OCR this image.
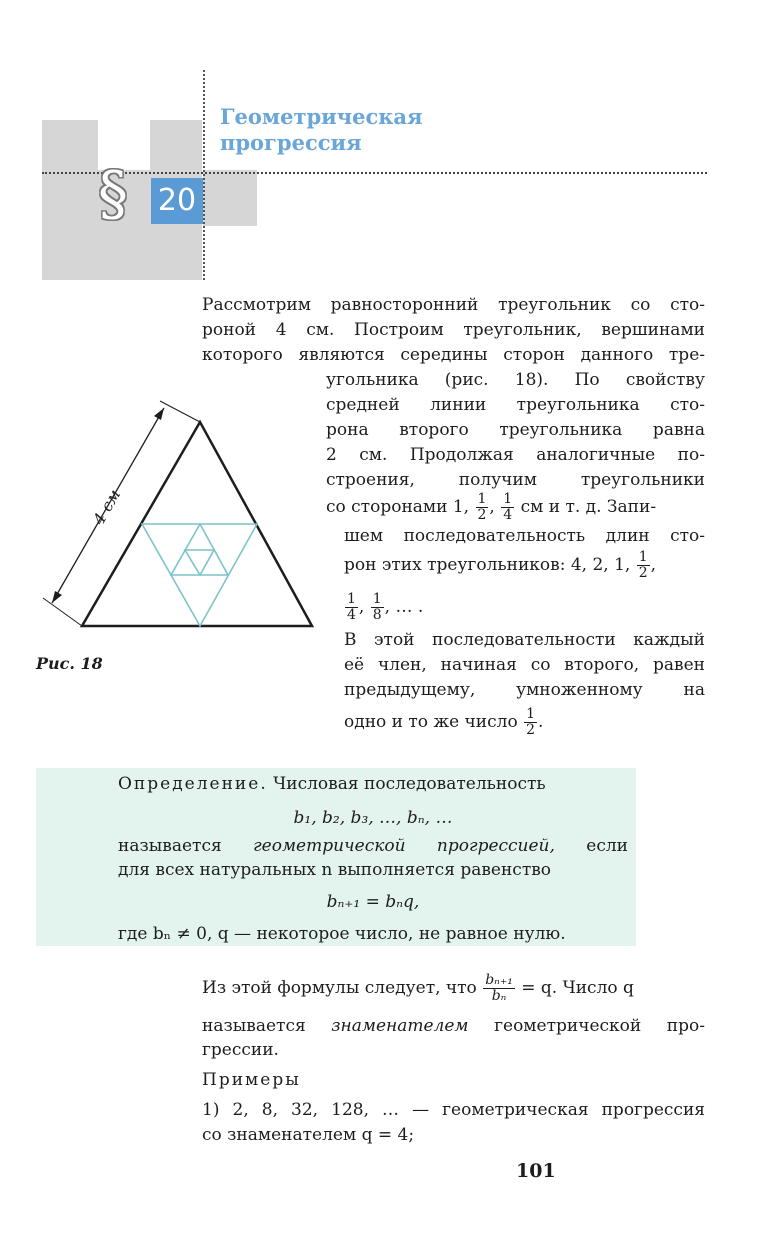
§ 20
Геометрическая
прогрессия
Рассмотрим равносторонний треугольник со сто-
роной 4 см. Построим треугольник, вершинами
которого являются середины сторон данного тре-
угольника (рис. 18). По свойству
средней линии треугольника сто-
рона второго треугольника равна
2 см. Продолжая аналогичные по-
строения, получим треугольники
со сторонами 1, $\frac{1}{2}$ , $\frac{1}{4}$ см и т. д. Запи-
шем последовательность длин сто-
рон этих треугольников: 4, 2, 1, $\frac{1}{2}$ ,
$\frac{1}{4}$ , $\frac{1}{8}$ , … .
В этой последовательности каждый
её член, начиная со второго, равен
предыдущему, умноженному на
одно и то же число $\frac{1}{2}$ .
4 см
Рис. 18
Определение. Числовая последовательность
b₁, b₂, b₃, …, bₙ, …
называется геометрической прогрессией, если
для всех натуральных n выполняется равенство
bₙ₊₁ = bₙq,
где bₙ ≠ 0, q — некоторое число, не равное нулю.
Из этой формулы следует, что $\frac{\text{bₙ₊₁}}{\text{bₙ}} = q$. Число q
называется знаменателем геометрической про-
грессии.
Примеры
1) 2, 8, 32, 128, … — геометрическая прогрессия
со знаменателем q = 4;
101
